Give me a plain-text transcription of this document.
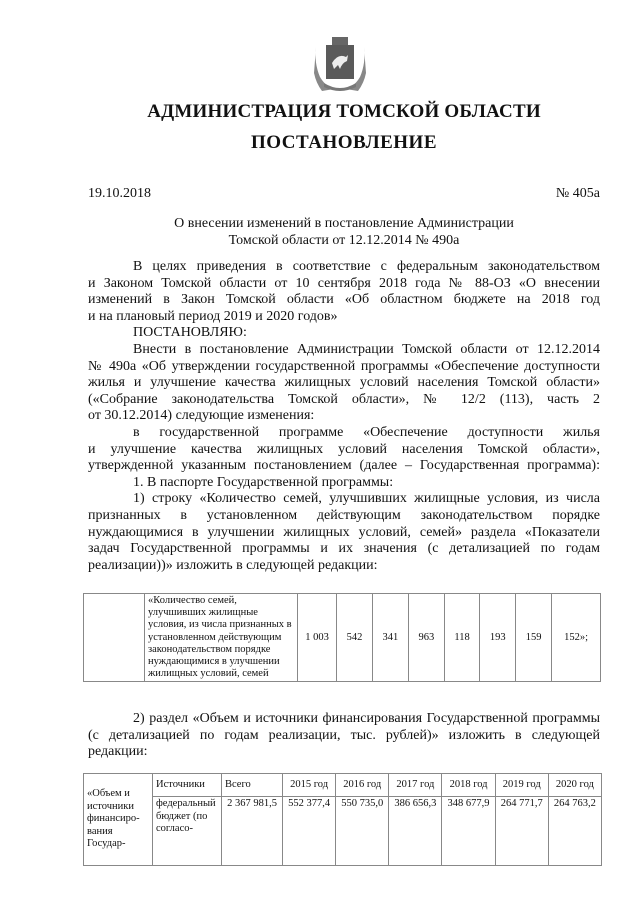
АДМИНИСТРАЦИЯ ТОМСКОЙ ОБЛАСТИ
ПОСТАНОВЛЕНИЕ
19.10.2018	№ 405а
О внесении изменений в постановление Администрации
Томской области от 12.12.2014 № 490а
В целях приведения в соответствие с федеральным законодательством
и Законом Томской области от 10 сентября 2018 года № 88-ОЗ «О внесении
изменений в Закон Томской области «Об областном бюджете на 2018 год
и на плановый период 2019 и 2020 годов»
ПОСТАНОВЛЯЮ:
Внести в постановление Администрации Томской области от 12.12.2014
№ 490а «Об утверждении государственной программы «Обеспечение доступности
жилья и улучшение качества жилищных условий населения Томской области»
(«Собрание законодательства Томской области», № 12/2 (113), часть 2
от 30.12.2014) следующие изменения:
в государственной программе «Обеспечение доступности жилья
и улучшение качества жилищных условий населения Томской области»,
утвержденной указанным постановлением (далее – Государственная программа):
1. В паспорте Государственной программы:
1) строку «Количество семей, улучшивших жилищные условия, из числа
признанных в установленном действующим законодательством порядке
нуждающимися в улучшении жилищных условий, семей» раздела «Показатели
задач Государственной программы и их значения (с детализацией по годам
реализации))» изложить в следующей редакции:
	«Количество семей, улучшивших жилищные условия, из числа признанных в установленном действующим законодательством порядке нуждающимися в улучшении жилищных условий, семей	1 003	542	341	963	118	193	159	152»;
2) раздел «Объем и источники финансирования Государственной программы
(с детализацией по годам реализации, тыс. рублей)» изложить в следующей
редакции:
«Объем и источники финансиро-вания Государ-	Источники	Всего	2015 год	2016 год	2017 год	2018 год	2019 год	2020 год
	федеральный бюджет (по согласо-	2 367 981,5	552 377,4	550 735,0	386 656,3	348 677,9	264 771,7	264 763,2
